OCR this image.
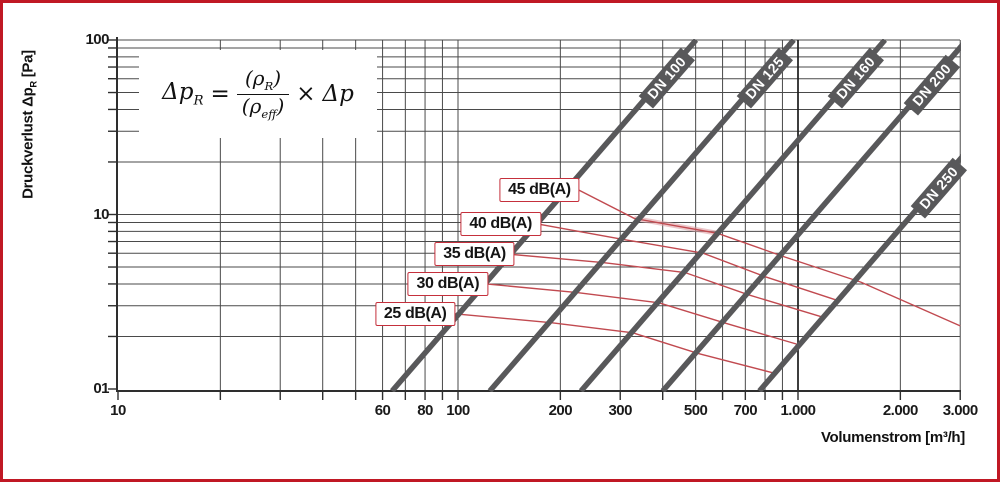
$\Delta p_R = \frac{(\rho_R)}{(\rho_{eff})} \times \Delta p$
Druckverlust $\Delta p_R$ [Pa]
Volumenstrom [m³/h]
100
10
01
10	60	80 100	200	300	500	700	1.000	2.000	3.000
45 dB(A)
40 dB(A)
35 dB(A)
30 dB(A)
25 dB(A)
DN 100	DN 125	DN 160	DN 200
DN 250
